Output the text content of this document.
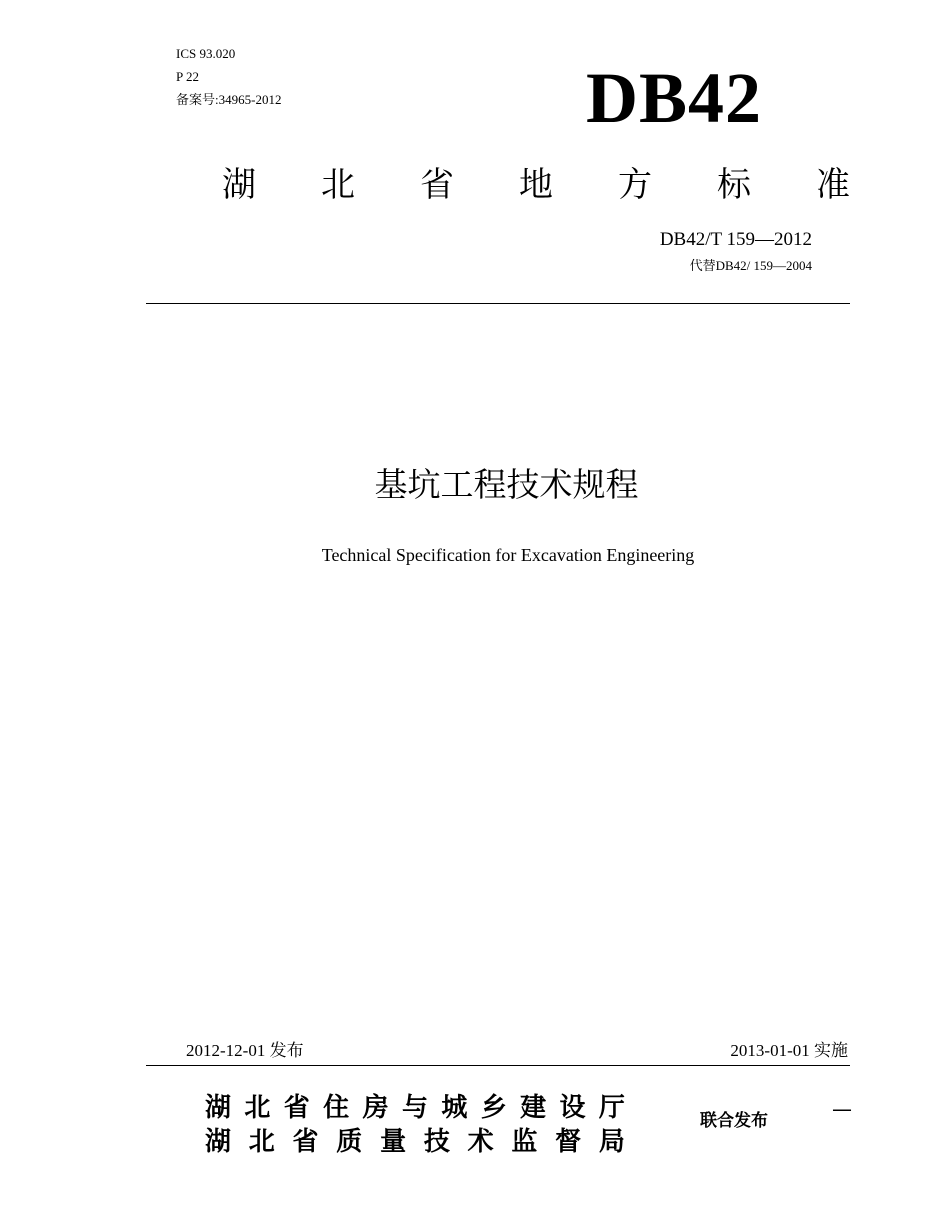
ICS 93.020
P 22
备案号:34965-2012	DB42
湖 北 省 地 方 标 准
DB42/T 159—2012
代替DB42/ 159—2004
基坑工程技术规程
Technical Specification for Excavation Engineering
2012-12-01 发布	2013-01-01 实施
湖 北 省 住 房 与 城 乡 建 设 厅
湖 北 省 质 量 技 术 监 督 局
联合发布	—
